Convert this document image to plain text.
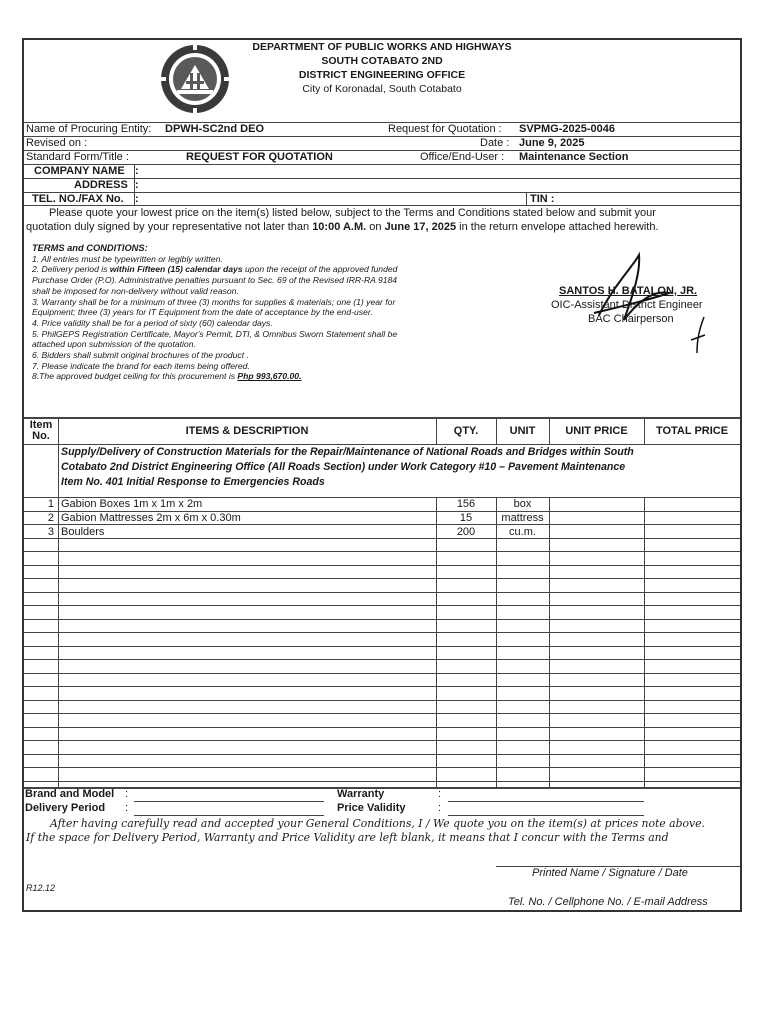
DEPARTMENT OF PUBLIC WORKS AND HIGHWAYS
SOUTH COTABATO 2ND
DISTRICT ENGINEERING OFFICE
City of Koronadal, South Cotabato
Name of Procuring Entity: DPWH-SC2nd DEO	Request for Quotation : SVPMG-2025-0046
Revised on :	Date : June 9, 2025
Standard Form/Title :	REQUEST FOR QUOTATION	Office/End-User : Maintenance Section
COMPANY NAME :
ADDRESS :
TEL. NO./FAX No. :	TIN :
Please quote your lowest price on the item(s) listed below, subject to the Terms and Conditions stated below and submit your
quotation duly signed by your representative not later than 10:00 A.M. on June 17, 2025 in the return envelope attached herewith.
TERMS and CONDITIONS:
1. All entries must be typewritten or legibly written.
2. Delivery period is within Fifteen (15) calendar days upon the receipt of the approved funded
Purchase Order (P.O). Administrative penalties pursuant to Sec. 69 of the Revised IRR-RA 9184
shall be imposed for non-delivery without valid reason.
3. Warranty shall be for a minimum of three (3) months for supplies & materials; one (1) year for
Equipment; three (3) years for IT Equipment from the date of acceptance by the end-user.
4. Price validity shall be for a period of sixty (60) calendar days.
5. PhilGEPS Registration Certificate, Mayor's Permit, DTI, & Omnibus Sworn Statement shall be
attached upon submission of the quotation.
6. Bidders shall submit original brochures of the product .
7. Please indicate the brand for each items being offered.
8.The approved budget ceiling for this procurement is Php 993,670.00.
SANTOS H. BATALON, JR.
OIC-Assistant District Engineer
BAC Chairperson
Item No.	ITEMS & DESCRIPTION	QTY.	UNIT	UNIT PRICE	TOTAL PRICE
Supply/Delivery of Construction Materials for the Repair/Maintenance of National Roads and Bridges within South
Cotabato 2nd District Engineering Office (All Roads Section) under Work Category #10 – Pavement Maintenance
Item No. 401 Initial Response to Emergencies Roads
1 Gabion Boxes 1m x 1m x 2m	156	box
2 Gabion Mattresses 2m x 6m x 0.30m	15	mattress
3 Boulders	200	cu.m.
Brand and Model :	Warranty	:
Delivery Period :	Price Validity	:
After having carefully read and accepted your General Conditions, I / We quote you on the item(s) at prices note above.
If the space for Delivery Period, Warranty and Price Validity are left blank, it means that I concur with the Terms and
Printed Name / Signature / Date
R12.12
Tel. No. / Cellphone No. / E-mail Address
